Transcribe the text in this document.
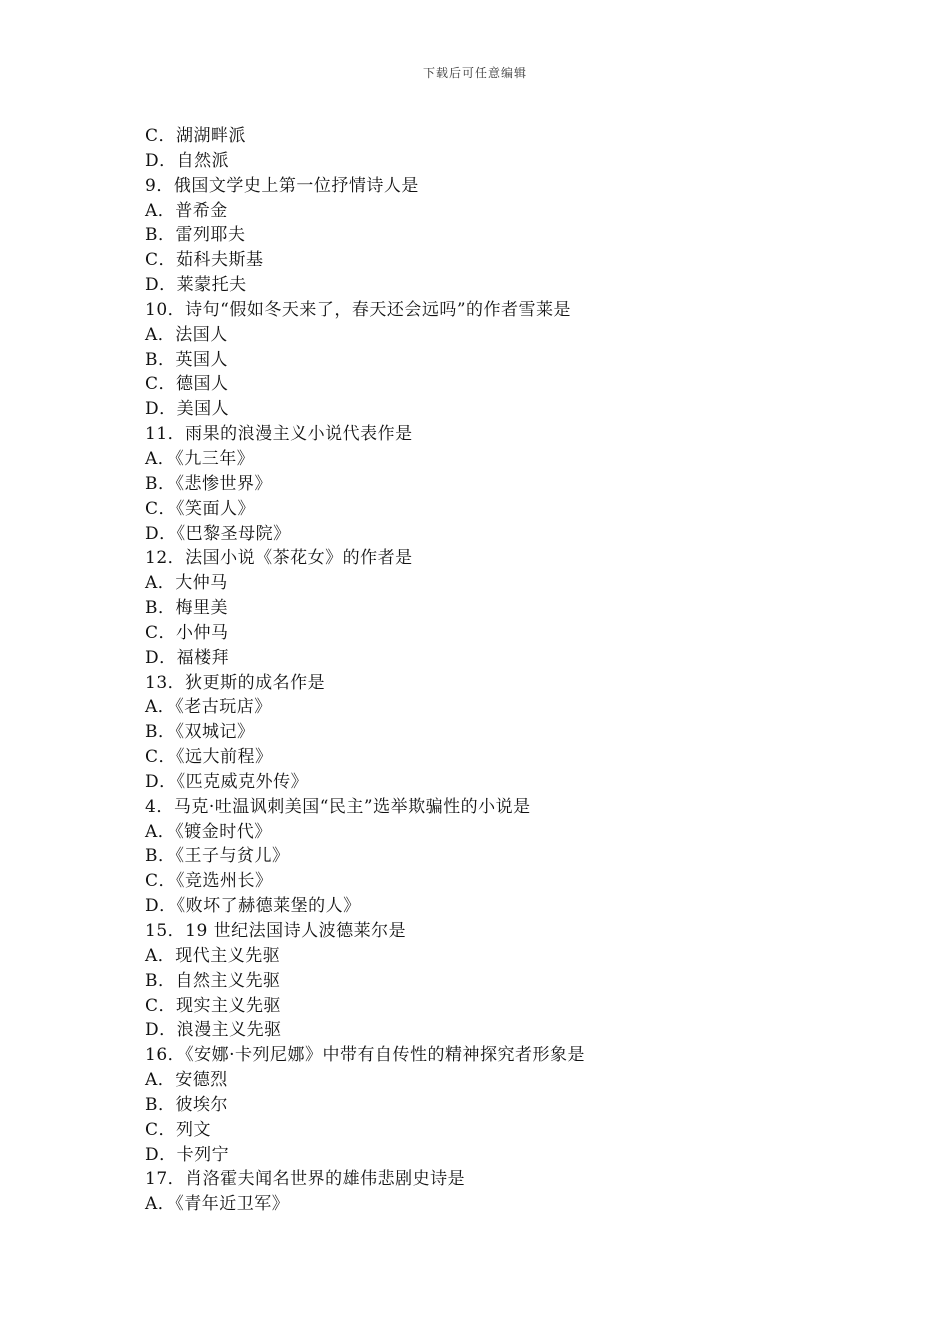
下载后可任意编辑
C．湖湖畔派
D．自然派
9．俄国文学史上第一位抒情诗人是
A．普希金
B．雷列耶夫
C．茹科夫斯基
D．莱蒙托夫
10．诗句“假如冬天来了，春天还会远吗”的作者雪莱是
A．法国人
B．英国人
C．德国人
D．美国人
11．雨果的浪漫主义小说代表作是
A．《九三年》
B．《悲惨世界》
C．《笑面人》
D．《巴黎圣母院》
12．法国小说《茶花女》的作者是
A．大仲马
B．梅里美
C．小仲马
D．福楼拜
13．狄更斯的成名作是
A．《老古玩店》
B．《双城记》
C．《远大前程》
D．《匹克威克外传》
4．马克·吐温讽刺美国“民主”选举欺骗性的小说是
A．《镀金时代》
B．《王子与贫儿》
C．《竞选州长》
D．《败坏了赫德莱堡的人》
15．19 世纪法国诗人波德莱尔是
A．现代主义先驱
B．自然主义先驱
C．现实主义先驱
D．浪漫主义先驱
16．《安娜·卡列尼娜》中带有自传性的精神探究者形象是
A．安德烈
B．彼埃尔
C．列文
D．卡列宁
17．肖洛霍夫闻名世界的雄伟悲剧史诗是
A．《青年近卫军》
